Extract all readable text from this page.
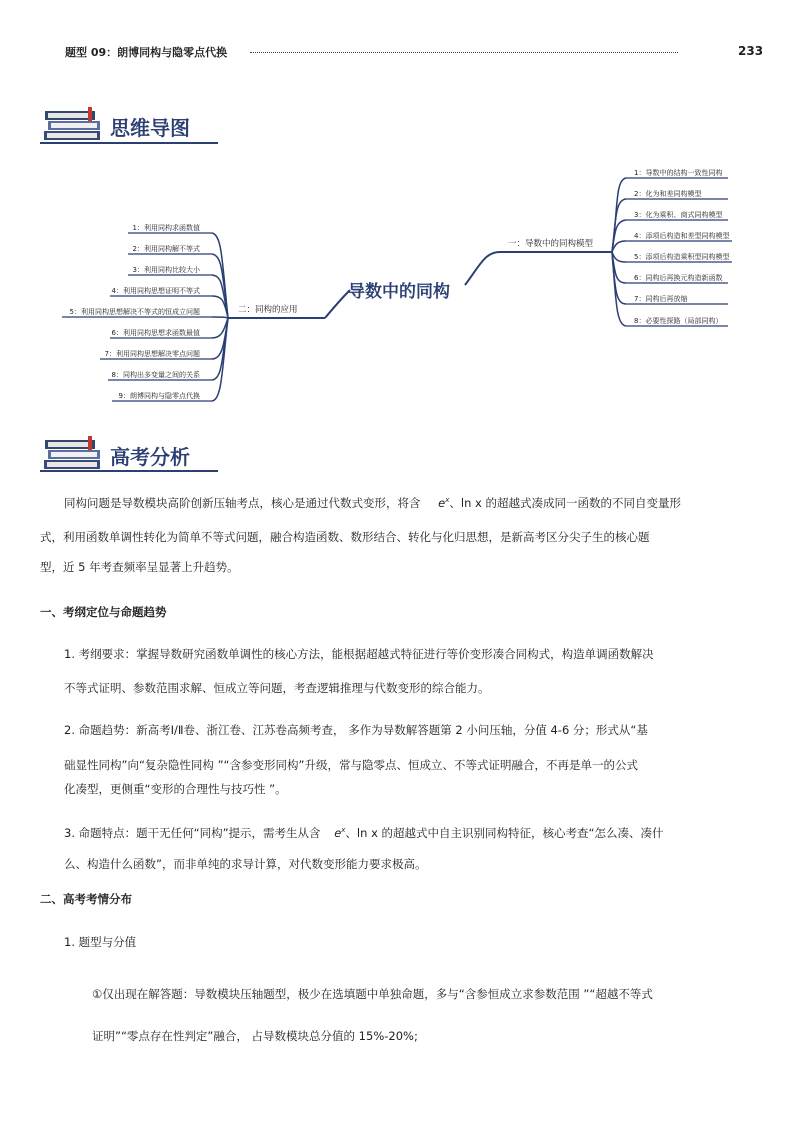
题型 09：朗博同构与隐零点代换	233
思维导图
导数中的同构
一：导数中的同构模型
二：同构的应用
1：导数中的结构一致性同构
2：化为和差同构模型
3：化为乘积、商式同构模型
4：添项后构造和差型同构模型
5：添项后构造乘积型同构模型
6：同构后再换元构造新函数
7：同构后再放缩
8：必要性探路（局部同构）
1：利用同构求函数值
2：利用同构解不等式
3：利用同构比较大小
4：利用同构思想证明不等式
5：利用同构思想解决不等式的恒成立问题
6：利用同构思想求函数最值
7：利用同构思想解决零点问题
8：同构出多变量之间的关系
9：朗博同构与隐零点代换
高考分析
同构问题是导数模块高阶创新压轴考点，核心是通过代数式变形，将含 $e^x$、ln x 的超越式凑成同一函数的不同自变量形
式，利用函数单调性转化为简单不等式问题，融合构造函数、数形结合、转化与化归思想，是新高考区分尖子生的核心题
型，近 5 年考查频率呈显著上升趋势。
一、考纲定位与命题趋势
1. 考纲要求：掌握导数研究函数单调性的核心方法，能根据超越式特征进行等价变形凑合同构式，构造单调函数解决
不等式证明、参数范围求解、恒成立等问题，考查逻辑推理与代数变形的综合能力。
2. 命题趋势：新高考Ⅰ/Ⅱ卷、浙江卷、江苏卷高频考查， 多作为导数解答题第 2 小问压轴，分值 4-6 分；形式从“基
础显性同构”向“复杂隐性同构 ”“含参变形同构”升级，常与隐零点、恒成立、不等式证明融合，不再是单一的公式
化凑型，更侧重“变形的合理性与技巧性 ”。
3. 命题特点：题干无任何“同构”提示，需考生从含 $e^x$、ln x 的超越式中自主识别同构特征，核心考查“怎么凑、凑什
么、构造什么函数”，而非单纯的求导计算，对代数变形能力要求极高。
二、高考考情分布
1. 题型与分值
①仅出现在解答题：导数模块压轴题型，极少在选填题中单独命题，多与“含参恒成立求参数范围 ”“超越不等式
证明”“零点存在性判定”融合， 占导数模块总分值的 15%-20%;
